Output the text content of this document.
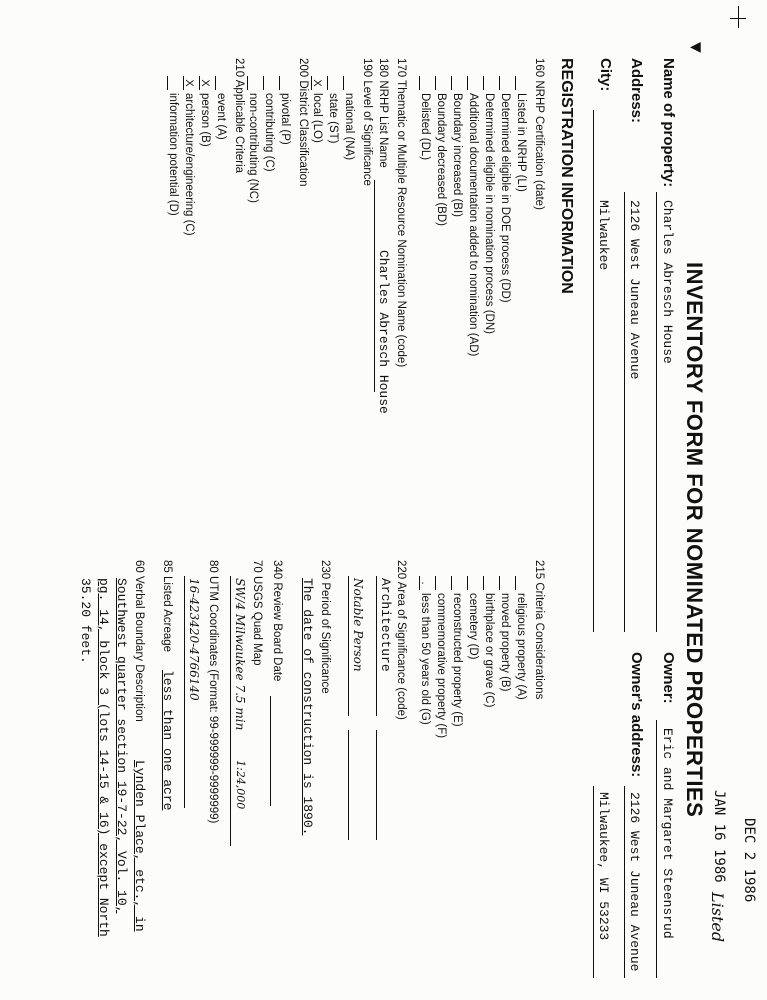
◀
DEC 2 1986
JAN 16 1986
Listed
INVENTORY FORM FOR NOMINATED PROPERTIES
Name of property:
Charles Abresch House
Address:
2126 West Juneau Avenue
City:
Milwaukee
Owner:
Eric and Margaret Steensrud
Owner's address:
2126 West Juneau Avenue
Milwaukee, WI 53233
REGISTRATION INFORMATION
160 NRHP Certification (date)
Listed in NRHP (LI)
Determined eligible in DOE process (DD)
Determined eligible in nomination process (DN)
Additional documentation added to nomination (AD)
Boundary increased (BI)
Boundary decreased (BD)
Delisted (DL)
170 Thematic or Multiple Resource Nomination Name (code)
180 NRHP List Name
Charles Abresch House
190 Level of Significance
national (NA)
state (ST)
X
local (LO)
200 District Classification
pivotal (P)
contributing (C)
non-contributing (NC)
210 Applicable Criteria
event (A)
X
person (B)
X
architecture/engineering (C)
information potential (D)
215 Criteria Considerations
religious property (A)
moved property (B)
birthplace or grave (C)
cemetery (D)
reconstructed property (E)
commemorative property (F)
.
less than 50 years old (G)
220 Area of Significance (code)
Architecture
Notable Person
230 Period of Significance
The date of construction is 1890.
340 Review Board Date
70 USGS Quad Map
SW/4 Milwaukee 7.5 min
1:24,000
80 UTM Coordinates (Format: 99-999999-9999999)
16-423420-4766140
85 Listed Acreage
less than one acre
60 Verbal Boundary Description
Lynden Place, etc., in
Southwest quarter section 19-7-22, Vol. 10,
pg. 14, block 3 (lots 14-15 & 16) except North
35.20 feet.
